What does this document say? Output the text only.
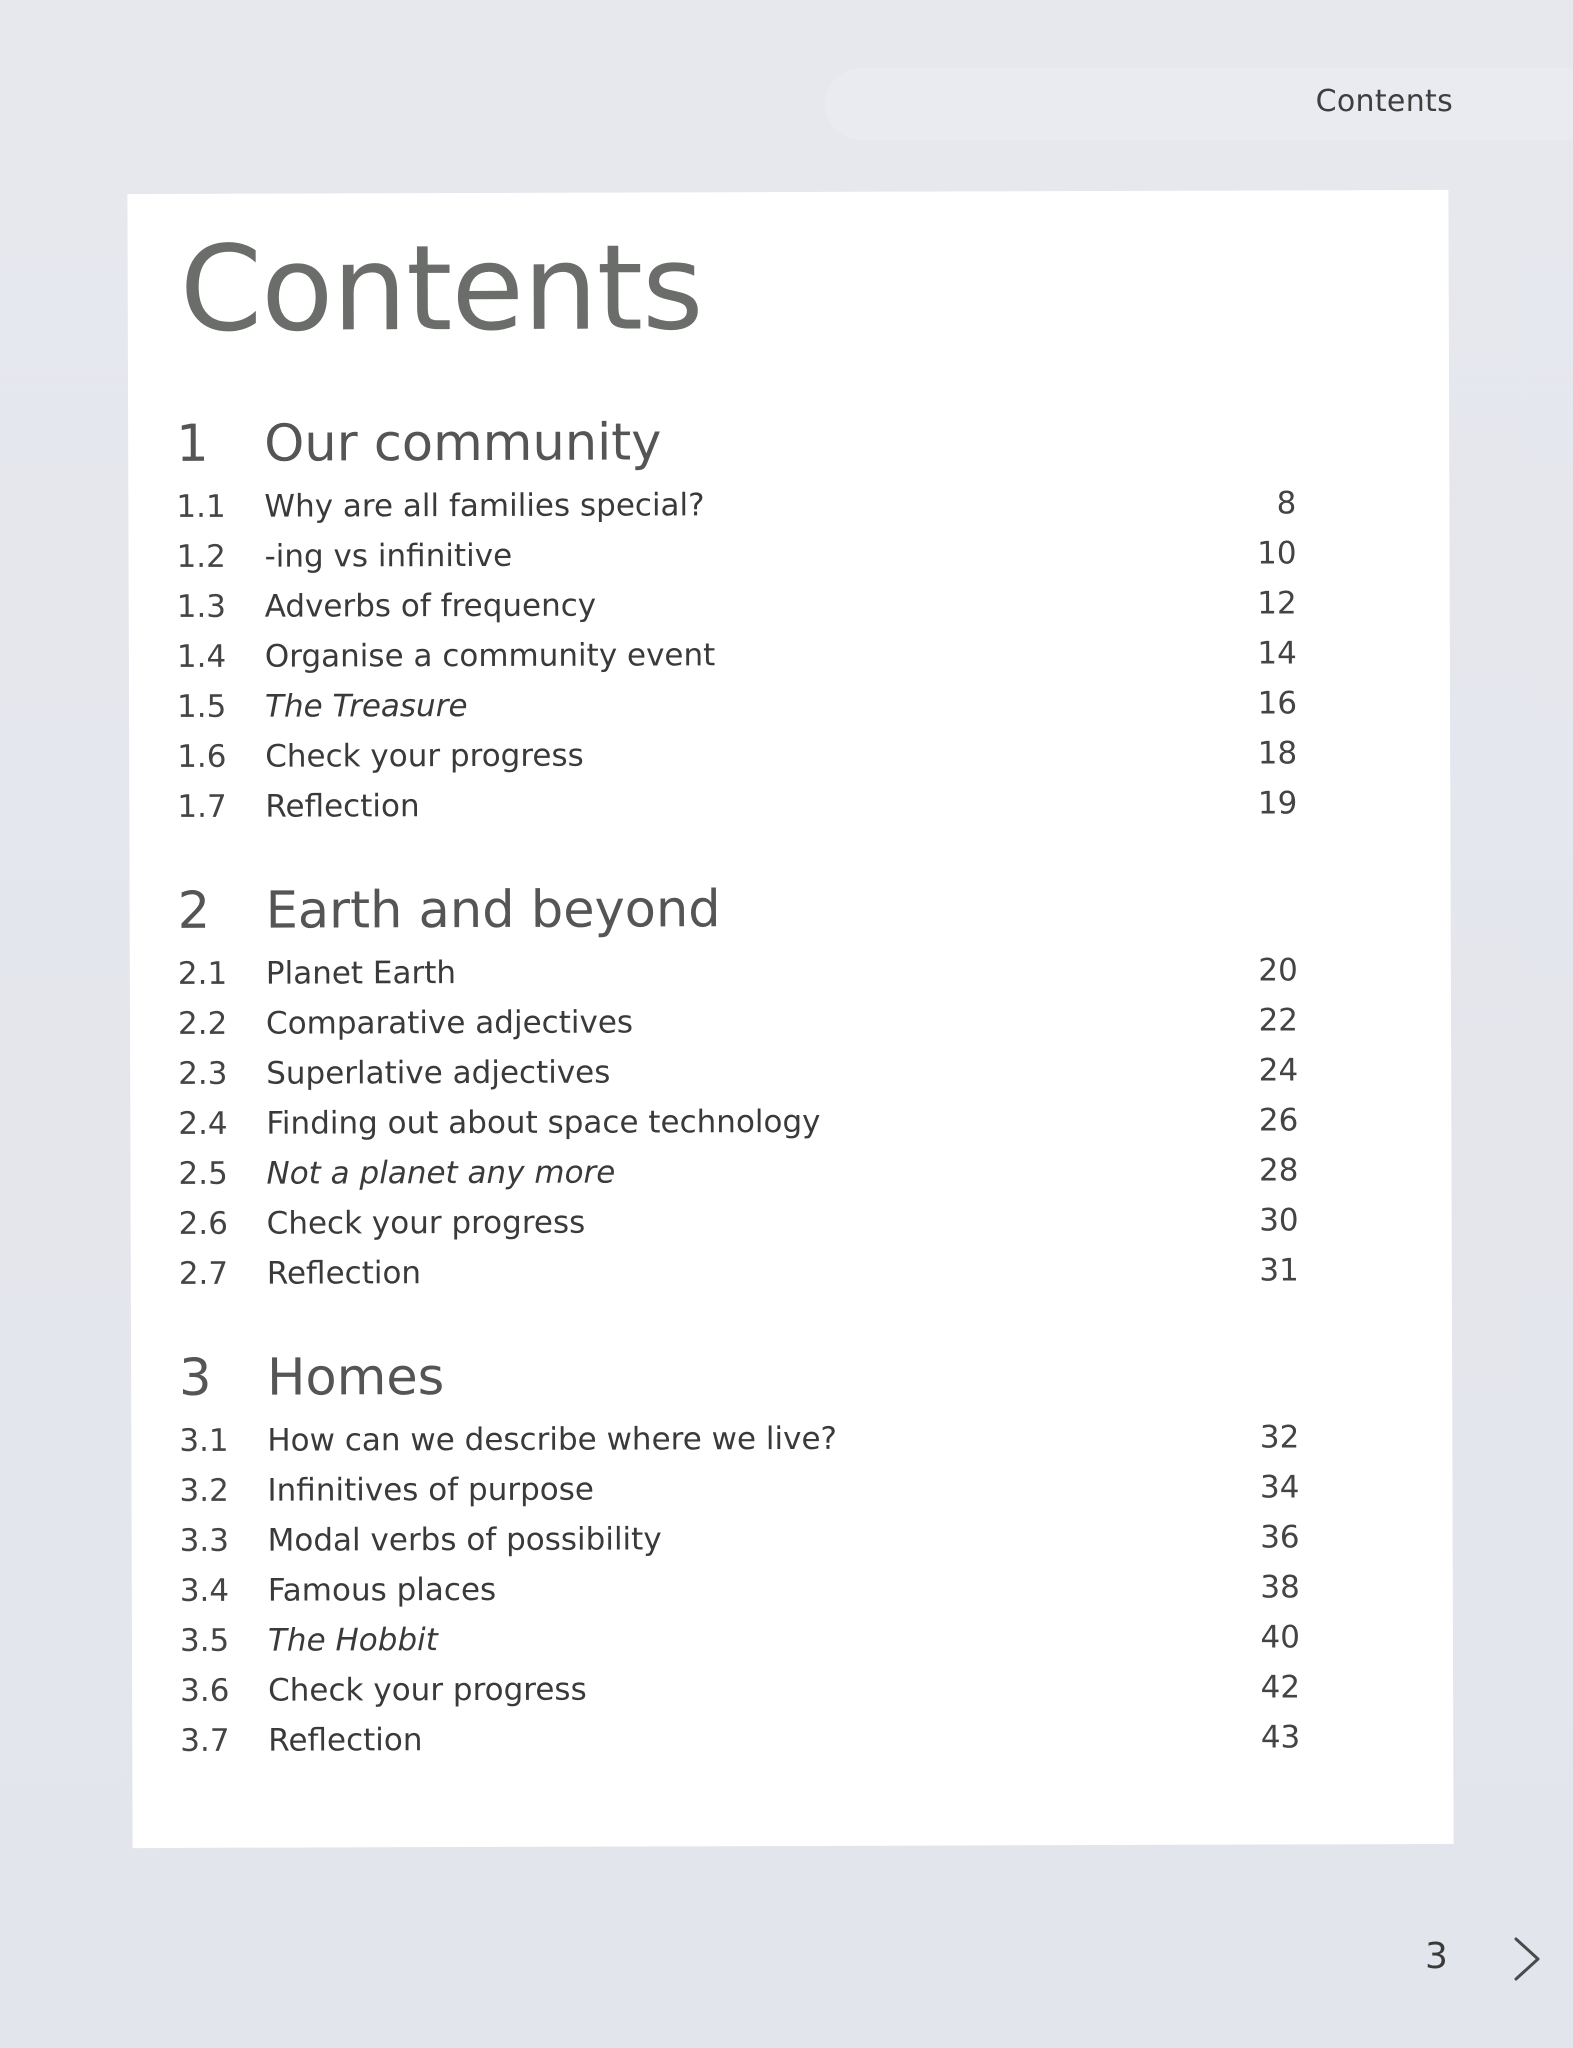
Contents
Contents
1	Our community
1.1	Why are all families special?	8
1.2	-ing vs infinitive	10
1.3	Adverbs of frequency	12
1.4	Organise a community event	14
1.5	The Treasure	16
1.6	Check your progress	18
1.7	Reflection	19
2	Earth and beyond
2.1	Planet Earth	20
2.2	Comparative adjectives	22
2.3	Superlative adjectives	24
2.4	Finding out about space technology	26
2.5	Not a planet any more	28
2.6	Check your progress	30
2.7	Reflection	31
3	Homes
3.1	How can we describe where we live?	32
3.2	Infinitives of purpose	34
3.3	Modal verbs of possibility	36
3.4	Famous places	38
3.5	The Hobbit	40
3.6	Check your progress	42
3.7	Reflection	43
3
